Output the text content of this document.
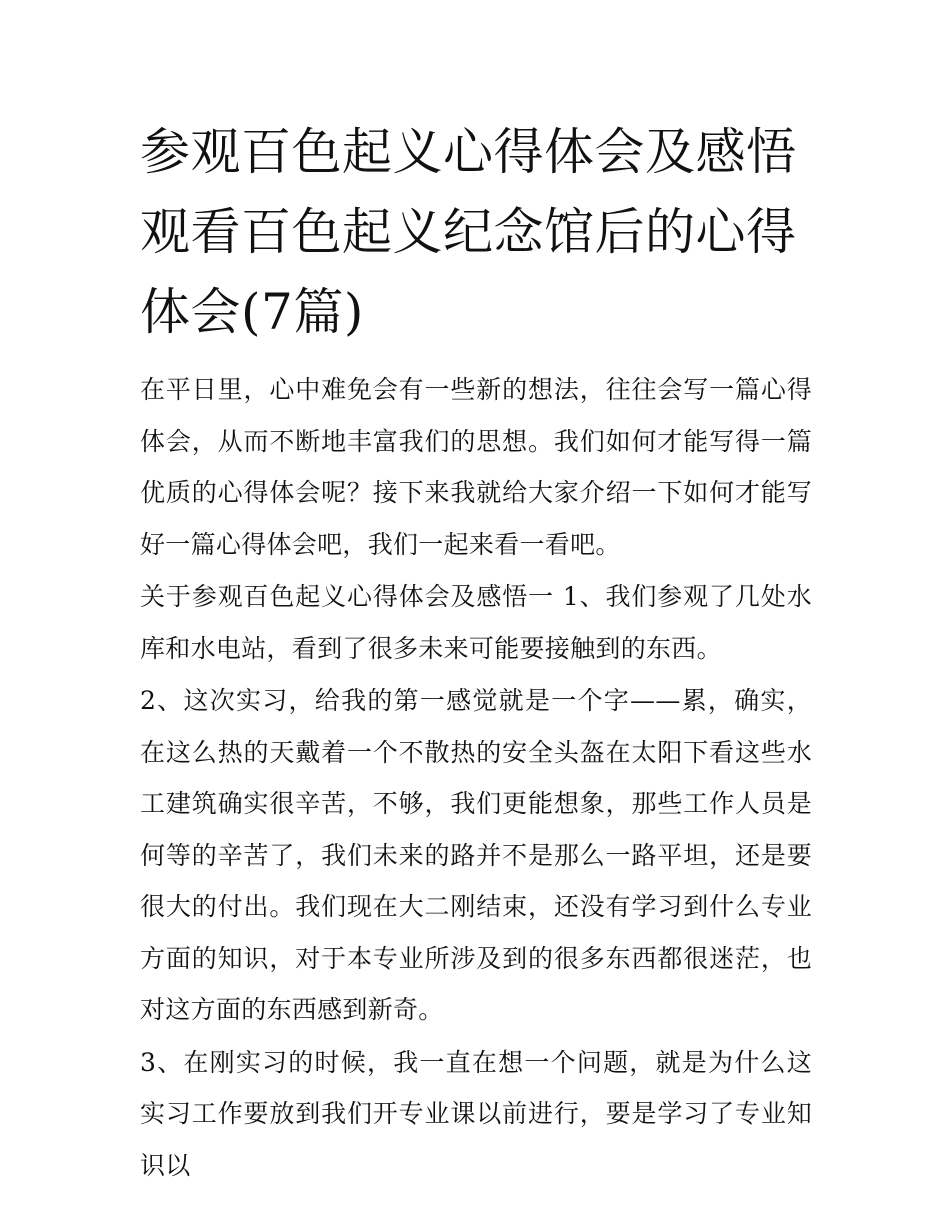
参观百色起义心得体会及感悟观看百色起义纪念馆后的心得体会(7篇)

在平日里，心中难免会有一些新的想法，往往会写一篇心得体会，从而不断地丰富我们的思想。我们如何才能写得一篇优质的心得体会呢？接下来我就给大家介绍一下如何才能写好一篇心得体会吧，我们一起来看一看吧。

关于参观百色起义心得体会及感悟一 1、我们参观了几处水库和水电站，看到了很多未来可能要接触到的东西。

2、这次实习，给我的第一感觉就是一个字——累，确实，在这么热的天戴着一个不散热的安全头盔在太阳下看这些水工建筑确实很辛苦，不够，我们更能想象，那些工作人员是何等的辛苦了，我们未来的路并不是那么一路平坦，还是要很大的付出。我们现在大二刚结束，还没有学习到什么专业方面的知识，对于本专业所涉及到的很多东西都很迷茫，也对这方面的东西感到新奇。

3、在刚实习的时候，我一直在想一个问题，就是为什么这实习工作要放到我们开专业课以前进行，要是学习了专业知识以
